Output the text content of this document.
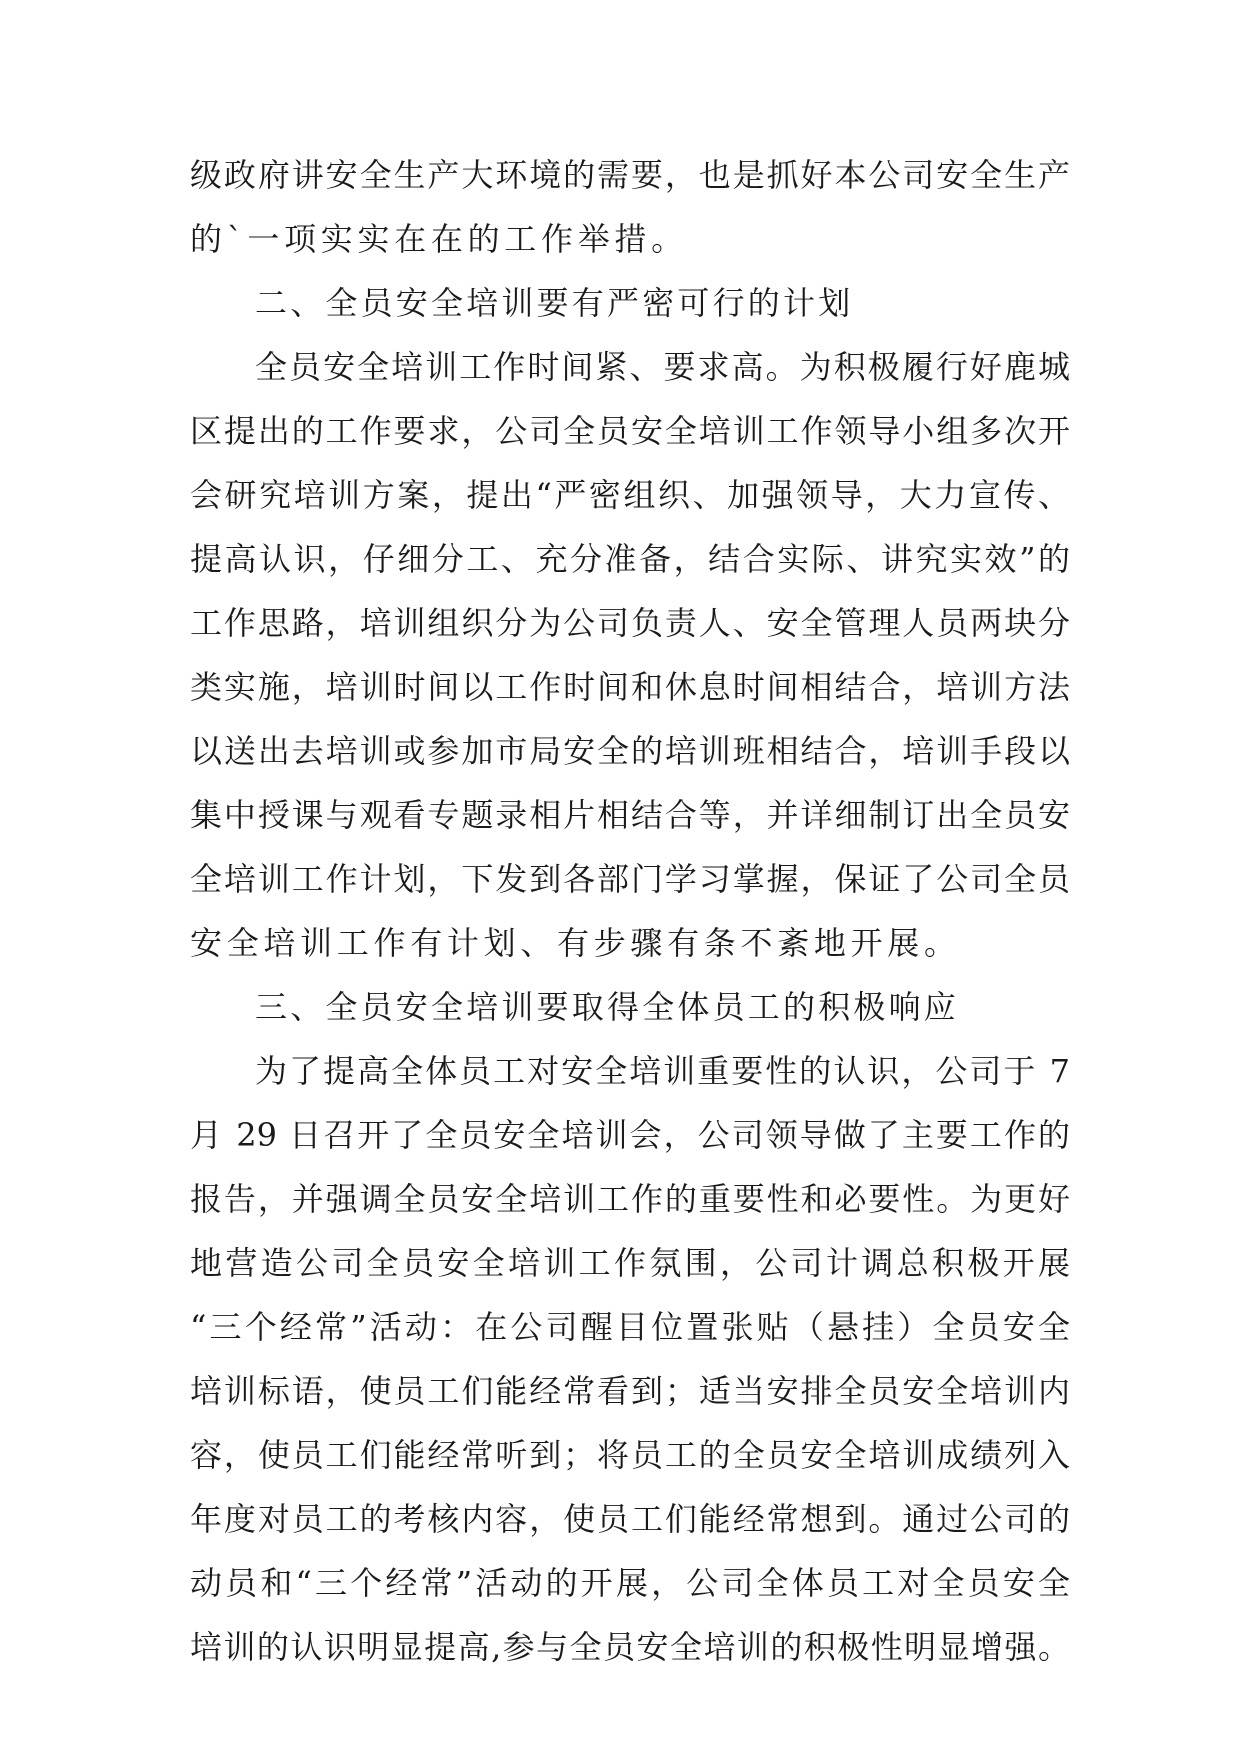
级政府讲安全生产大环境的需要，也是抓好本公司安全生产
的`一项实实在在的工作举措。
二、全员安全培训要有严密可行的计划
全员安全培训工作时间紧、要求高。为积极履行好鹿城
区提出的工作要求，公司全员安全培训工作领导小组多次开
会研究培训方案，提出“严密组织、加强领导，大力宣传、
提高认识，仔细分工、充分准备，结合实际、讲究实效”的
工作思路，培训组织分为公司负责人、安全管理人员两块分
类实施，培训时间以工作时间和休息时间相结合，培训方法
以送出去培训或参加市局安全的培训班相结合，培训手段以
集中授课与观看专题录相片相结合等，并详细制订出全员安
全培训工作计划，下发到各部门学习掌握，保证了公司全员
安全培训工作有计划、有步骤有条不紊地开展。
三、全员安全培训要取得全体员工的积极响应
为了提高全体员工对安全培训重要性的认识，公司于 7
月 29 日召开了全员安全培训会，公司领导做了主要工作的
报告，并强调全员安全培训工作的重要性和必要性。为更好
地营造公司全员安全培训工作氛围，公司计调总积极开展
“三个经常”活动：在公司醒目位置张贴（悬挂）全员安全
培训标语，使员工们能经常看到；适当安排全员安全培训内
容，使员工们能经常听到；将员工的全员安全培训成绩列入
年度对员工的考核内容，使员工们能经常想到。通过公司的
动员和“三个经常”活动的开展，公司全体员工对全员安全
培训的认识明显提高,参与全员安全培训的积极性明显增强。
